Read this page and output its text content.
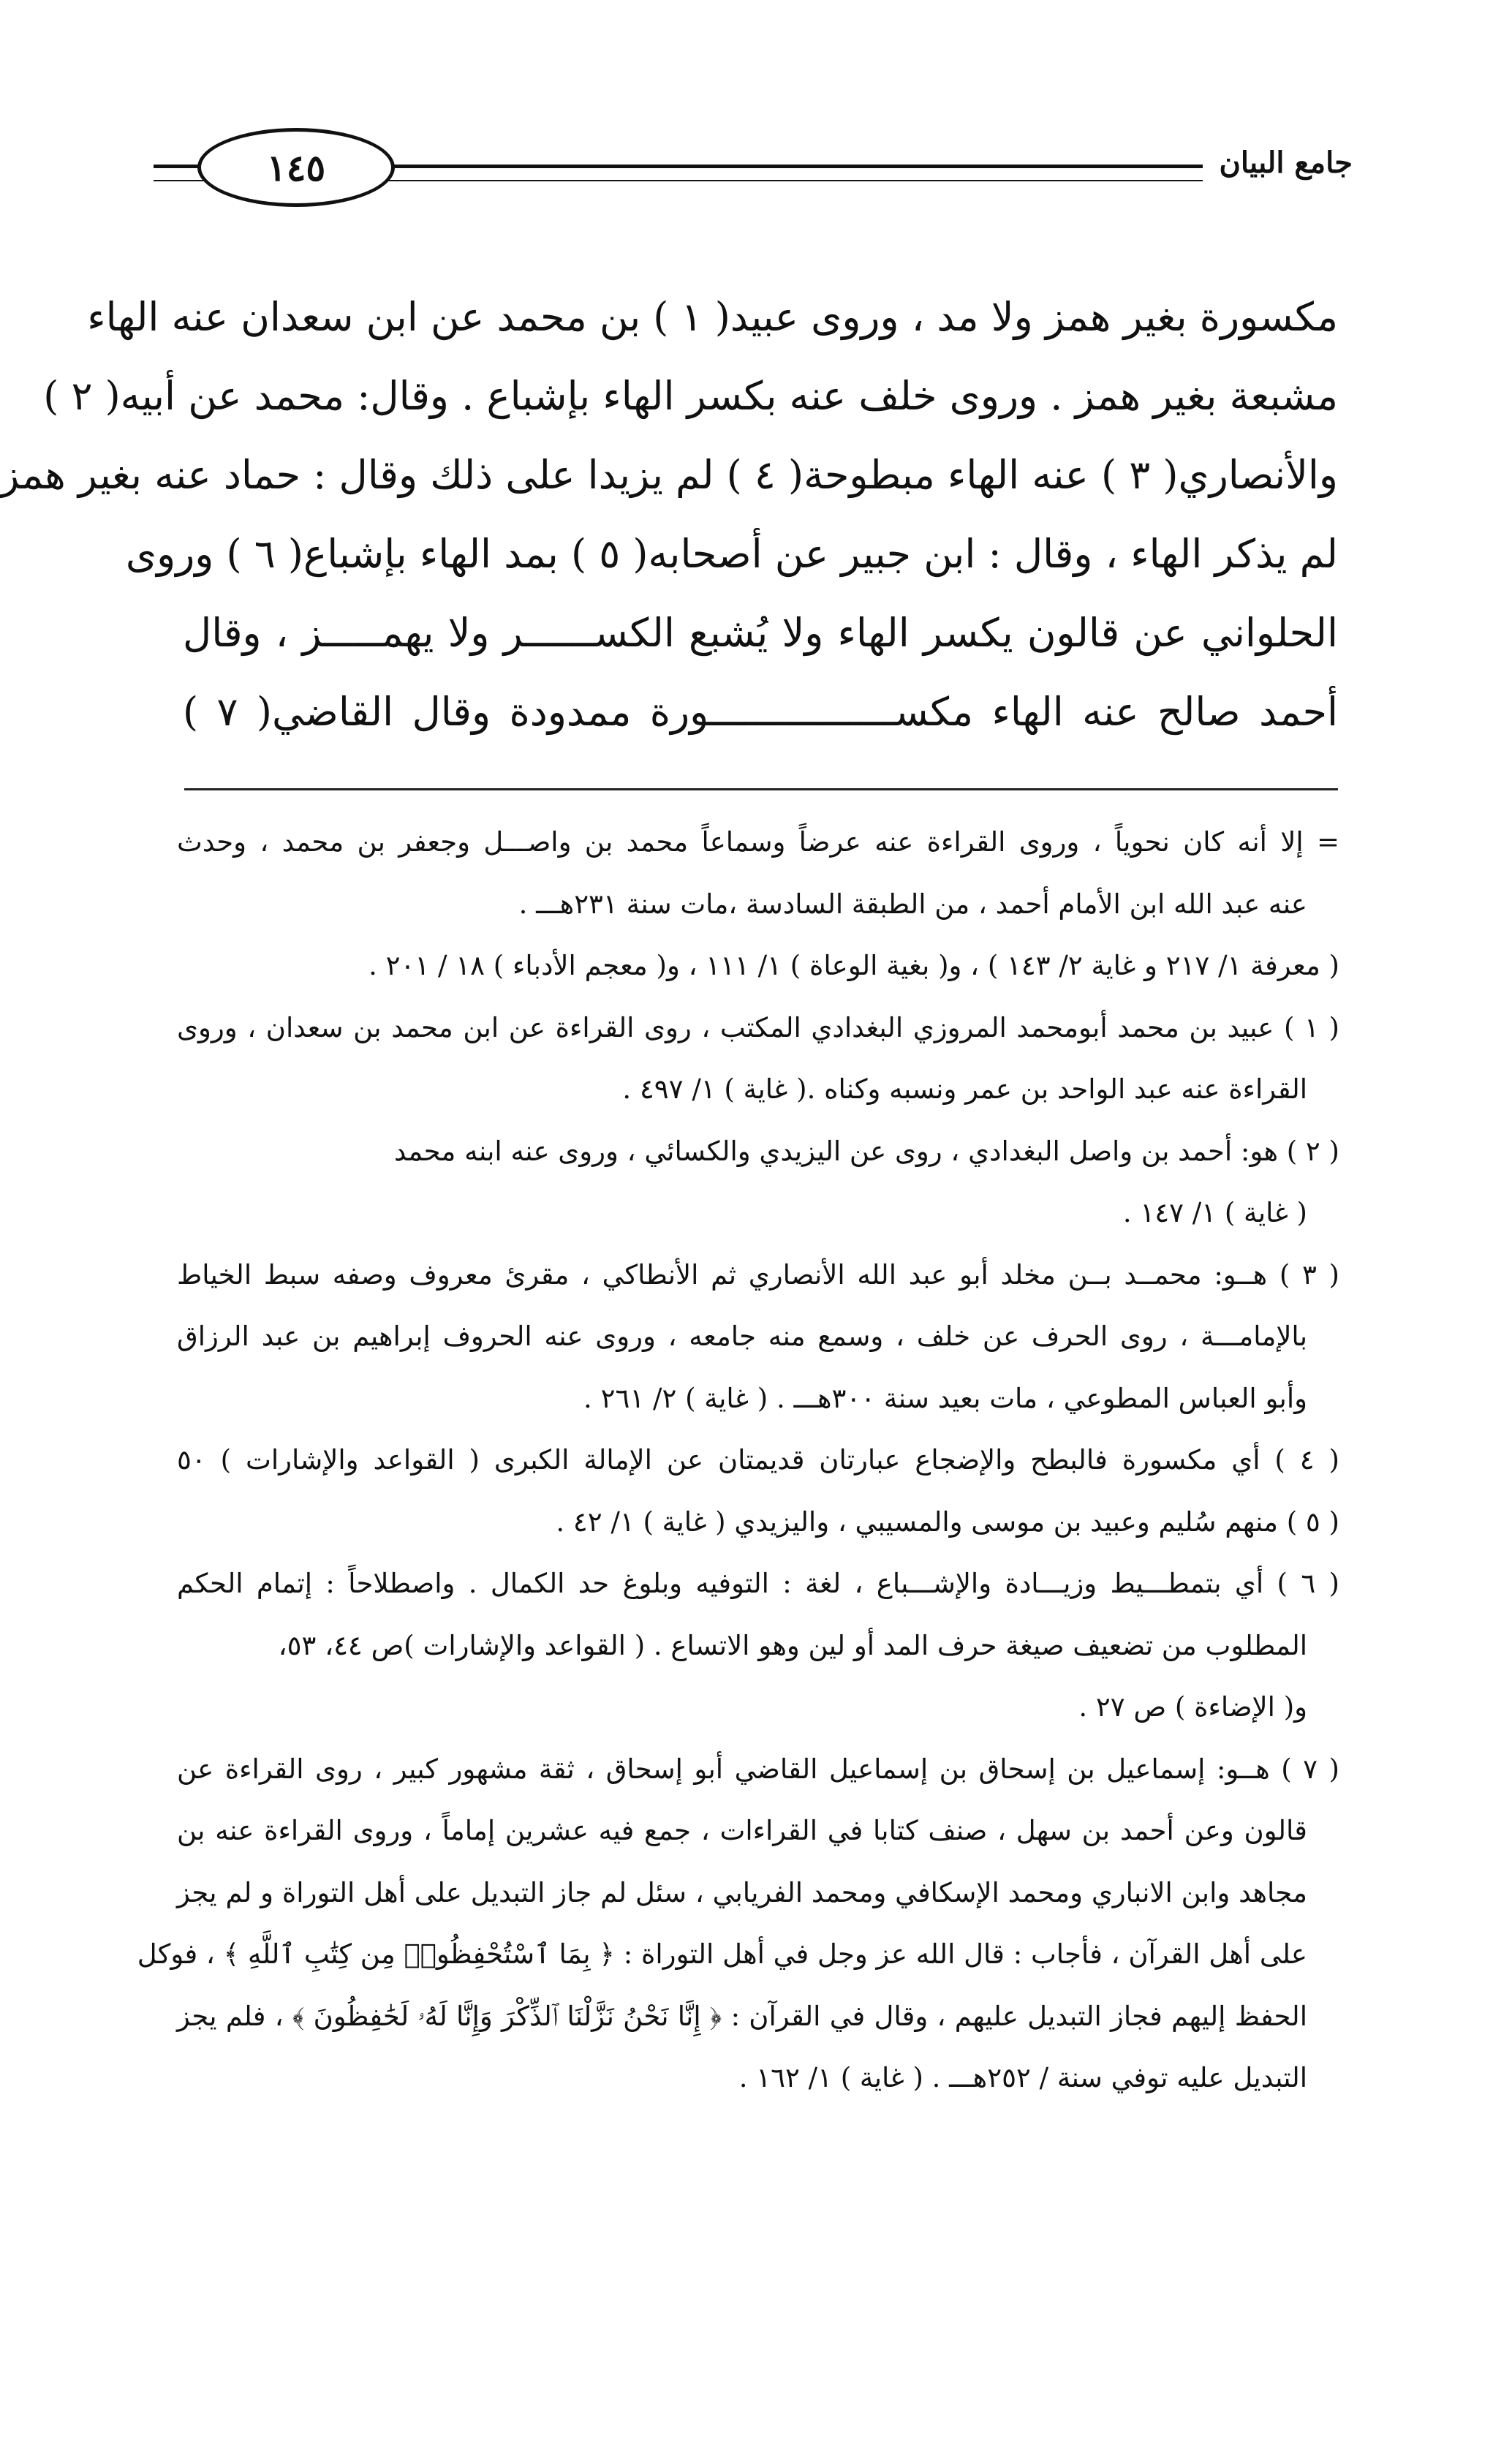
١٤٥	جامع البيان
مكسورة بغير همز ولا مد ، وروى عبيد( ١ ) بن محمد عن ابن سعدان عنه الهاء
مشبعة بغير همز . وروى خلف عنه بكسر الهاء بإشباع . وقال: محمد عن أبيه( ٢ )
والأنصاري( ٣ ) عنه الهاء مبطوحة( ٤ ) لم يزيدا على ذلك وقال : حماد عنه بغير همز
لم يذكر الهاء ، وقال : ابن جبير عن أصحابه( ٥ ) بمد الهاء بإشباع( ٦ ) وروى
الحلواني عن قالون يكسر الهاء ولا يُشبع الكســــــر ولا يهمـــــز ، وقال
أحمد صالح عنه الهاء مكســــــــــــــــورة ممدودة وقال القاضي( ٧ )
= إلا أنه كان نحوياً ، وروى القراءة عنه عرضاً وسماعاً محمد بن واصـــل وجعفر بن محمد ، وحدث
عنه عبد الله ابن الأمام أحمد ، من الطبقة السادسة ،مات سنة ٢٣١هـــ .
( معرفة ١/ ٢١٧ و غاية ٢/ ١٤٣ ) ، و( بغية الوعاة ) ١/ ١١١ ، و( معجم الأدباء ) ١٨ / ٢٠١ .
( ١ ) عبيد بن محمد أبومحمد المروزي البغدادي المكتب ، روى القراءة عن ابن محمد بن سعدان ، وروى
القراءة عنه عبد الواحد بن عمر ونسبه وكناه .( غاية ) ١/ ٤٩٧ .
( ٢ ) هو: أحمد بن واصل البغدادي ، روى عن اليزيدي والكسائي ، وروى عنه ابنه محمد
( غاية ) ١/ ١٤٧ .
( ٣ ) هــو: محمــد بــن مخلد أبو عبد الله الأنصاري ثم الأنطاكي ، مقرئ معروف وصفه سبط الخياط
بالإمامـــة ، روى الحرف عن خلف ، وسمع منه جامعه ، وروى عنه الحروف إبراهيم بن عبد الرزاق
وأبو العباس المطوعي ، مات بعيد سنة ٣٠٠هـــ . ( غاية ) ٢/ ٢٦١ .
( ٤ ) أي مكسورة فالبطح والإضجاع عبارتان قديمتان عن الإمالة الكبرى ( القواعد والإشارات ) ٥٠
( ٥ ) منهم سُليم وعبيد بن موسى والمسيبي ، واليزيدي ( غاية ) ١/ ٤٢ .
( ٦ ) أي بتمطـــيط وزيـــادة والإشـــباع ، لغة : التوفيه وبلوغ حد الكمال . واصطلاحاً : إتمام الحكم
المطلوب من تضعيف صيغة حرف المد أو لين وهو الاتساع . ( القواعد والإشارات )ص ٤٤، ٥٣،
و( الإضاءة ) ص ٢٧ .
( ٧ ) هــو: إسماعيل بن إسحاق بن إسماعيل القاضي أبو إسحاق ، ثقة مشهور كبير ، روى القراءة عن
قالون وعن أحمد بن سهل ، صنف كتابا في القراءات ، جمع فيه عشرين إماماً ، وروى القراءة عنه بن
مجاهد وابن الانباري ومحمد الإسكافي ومحمد الفريابي ، سئل لم جاز التبديل على أهل التوراة و لم يجز
على أهل القرآن ، فأجاب : قال الله عز وجل في أهل التوراة : ﴿ بِمَا ٱسْتُحْفِظُوا۟ مِن كِتَٰبِ ٱللَّهِ ﴾ ، فوكل
الحفظ إليهم فجاز التبديل عليهم ، وقال في القرآن : ﴿ إِنَّا نَحْنُ نَزَّلْنَا ٱلذِّكْرَ وَإِنَّا لَهُۥ لَحَٰفِظُونَ ﴾ ، فلم يجز
التبديل عليه توفي سنة / ٢٥٢هـــ . ( غاية ) ١/ ١٦٢ .
